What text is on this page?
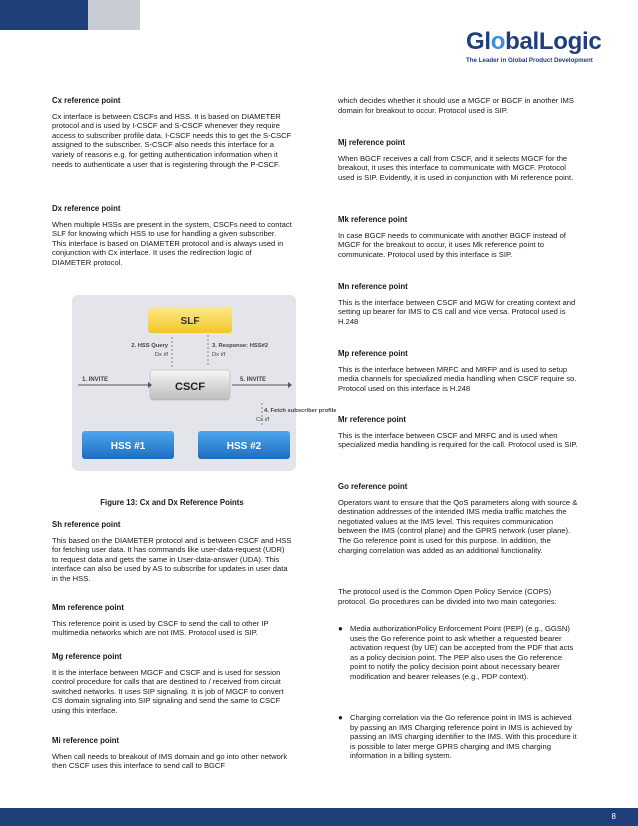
GlobalLogic
The Leader in Global Product Development
Cx reference point

Cx interface is between CSCFs and HSS. It is based on DIAMETER protocol and is used by I-CSCF and S-CSCF whenever they require access to subscriber profile data. I-CSCF needs this to get the S-CSCF assigned to the subscriber. S-CSCF also needs this interface for a variety of reasons e.g. for getting authentication information when it needs to authenticate a user that is registering through the P-CSCF.

Dx reference point

When multiple HSSs are present in the system, CSCFs need to contact SLF for knowing which HSS to use for handling a given subscriber. This interface is based on DIAMETER protocol and is always used in conjunction with Cx interface. It uses the redirection logic of DIAMETER protocol.

SLF
2. HSS Query	3. Response: HSS#2
Dx i/f	Dx i/f
CSCF
1. INVITE	5. INVITE
4. Fetch subscriber profile
Cx i/f
HSS #1	HSS #2
Figure 13: Cx and Dx Reference Points
Sh reference point

This based on the DIAMETER protocol and is between CSCF and HSS for fetching user data. It has commands like user-data-request (UDR) to request data and gets the same in User-data-answer (UDA). This interface can also be used by AS to subscribe for updates in user data in the HSS.

Mm reference point

This reference point is used by CSCF to send the call to other IP multimedia networks which are not IMS. Protocol used is SIP.

Mg reference point

It is the interface between MGCF and CSCF and is used for session control procedure for calls that are destined to / received from circuit switched networks. It uses SIP signaling. It is job of MGCF to convert CS domain signaling into SIP signaling and send the same to CSCF using this interface.

Mi reference point

When call needs to breakout of IMS domain and go into other network then CSCF uses this interface to send call to BGCF

which decides whether it should use a MGCF or BGCF in another IMS domain for breakout to occur. Protocol used is SIP.

Mj reference point

When BGCF receives a call from CSCF, and it selects MGCF for the breakout, it uses this interface to communicate with MGCF. Protocol used is SIP. Evidently, it is used in conjunction with Mi reference point.

Mk reference point

In case BGCF needs to communicate with another BGCF instead of MGCF for the breakout to occur, it uses Mk reference point to communicate. Protocol used by this interface is SIP.

Mn reference point

This is the interface between CSCF and MGW for creating context and setting up bearer for IMS to CS call and vice versa. Protocol used is H.248

Mp reference point

This is the interface between MRFC and MRFP and is used to setup media channels for specialized media handling when CSCF require so. Protocol used on this interface is H.248

Mr reference point

This is the interface between CSCF and MRFC and is used when specialized media handling is required for the call. Protocol used is SIP.

Go reference point

Operators want to ensure that the QoS parameters along with source & destination addresses of the intended IMS media traffic matches the negotiated values at the IMS level. This requires communication between the IMS (control plane) and the GPRS network (user plane). The Go reference point is used for this purpose. In addition, the charging correlation was added as an additional functionality.

The protocol used is the Common Open Policy Service (COPS) protocol. Go procedures can be divided into two main categories:

● Media authorizationPolicy Enforcement Point (PEP) (e.g., GGSN) uses the Go reference point to ask whether a requested bearer activation request (by UE) can be accepted from the PDF that acts as a policy decision point. The PEP also uses the Go reference point to notify the policy decision point about necessary bearer modification and bearer releases (e.g., PDP context).
● Charging correlation via the Go reference point in IMS is achieved by passing an IMS Charging reference point in IMS is achieved by passing an IMS charging identifier to the IMS. With this procedure it is possible to later merge GPRS charging and IMS charging information in a billing system.
8
